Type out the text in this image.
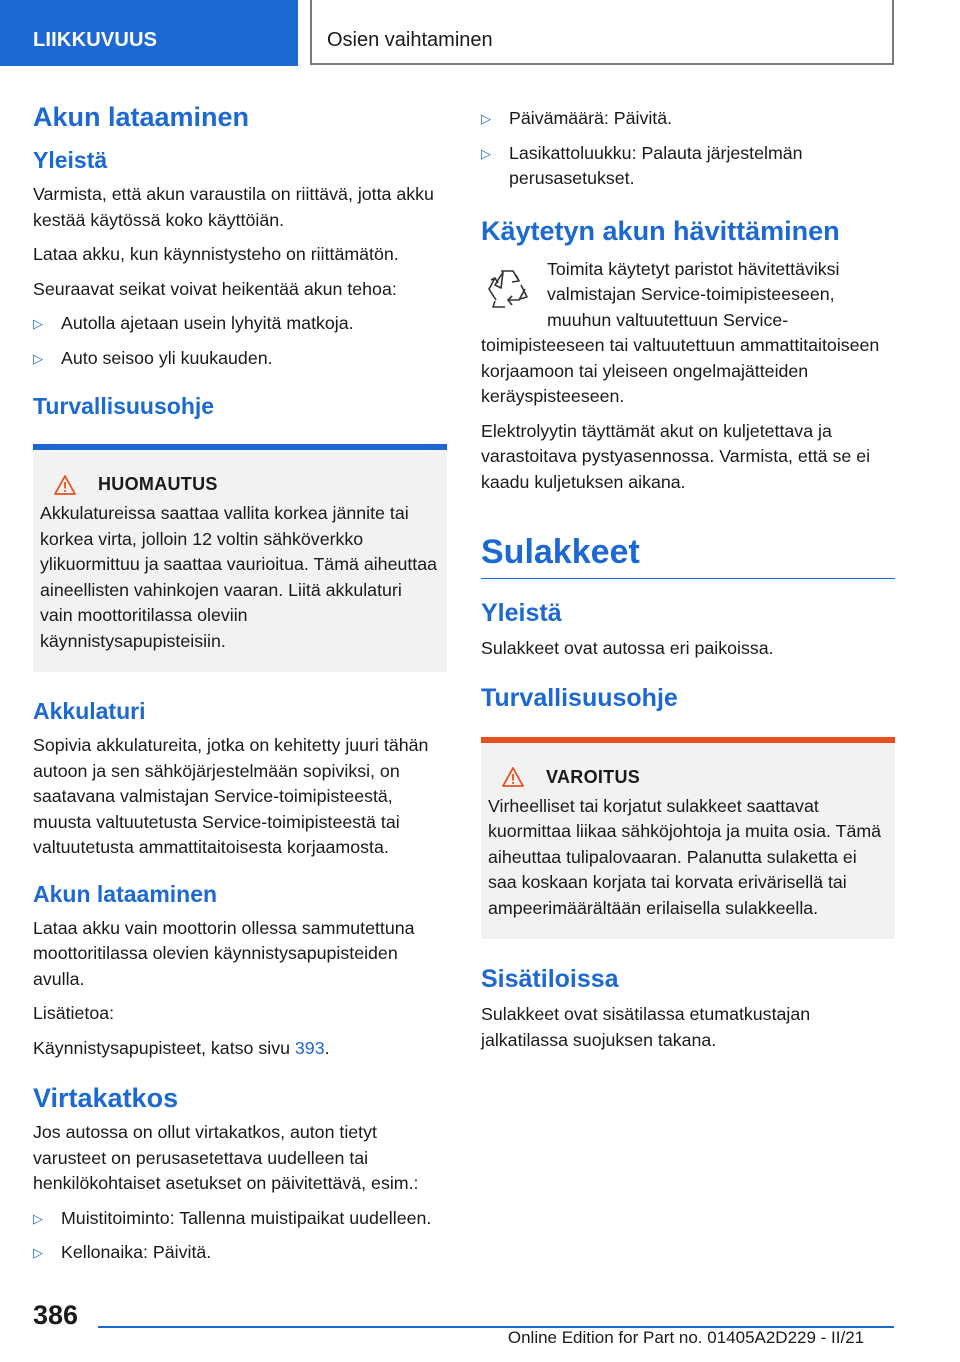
LIIKKUVUUS	Osien vaihtaminen
Akun lataaminen
Yleistä

Varmista, että akun varaustila on riittävä, jotta akku kestää käytössä koko käyttöiän.

Lataa akku, kun käynnistysteho on riittämätön.

Seuraavat seikat voivat heikentää akun tehoa:

▷ Autolla ajetaan usein lyhyitä matkoja.
▷ Auto seisoo yli kuukauden.
Turvallisuusohje
HUOMAUTUS

Akkulatureissa saattaa vallita korkea jännite tai korkea virta, jolloin 12 voltin sähköverkko ylikuormittuu ja saattaa vaurioitua. Tämä aiheuttaa aineellisten vahinkojen vaaran. Liitä akkulaturi vain moottoritilassa oleviin käynnistysapupisteisiin.

Akkulaturi

Sopivia akkulatureita, jotka on kehitetty juuri tähän autoon ja sen sähköjärjestelmään sopiviksi, on saatavana valmistajan Service-toimipisteestä, muusta valtuutetusta Service-toimipisteestä tai valtuutetusta ammattitaitoisesta korjaamosta.

Akun lataaminen

Lataa akku vain moottorin ollessa sammutettuna moottoritilassa olevien käynnistysapupisteiden avulla.

Lisätietoa:

Käynnistysapupisteet, katso sivu 393.

Virtakatkos

Jos autossa on ollut virtakatkos, auton tietyt varusteet on perusasetettava uudelleen tai henkilökohtaiset asetukset on päivitettävä, esim.:

▷ Muistitoiminto: Tallenna muistipaikat uudelleen.
▷ Kellonaika: Päivitä.
▷ Päivämäärä: Päivitä.
▷ Lasikattoluukku: Palauta järjestelmän perusasetukset.
Käytetyn akun hävittäminen

Toimita käytetyt paristot hävitettäviksi valmistajan Service-toimipisteeseen, muuhun valtuutettuun Service-toimipisteeseen tai valtuutettuun ammattitaitoiseen korjaamoon tai yleiseen ongelmajätteiden keräyspisteeseen.

Elektrolyytin täyttämät akut on kuljetettava ja varastoitava pystyasennossa. Varmista, että se ei kaadu kuljetuksen aikana.

Sulakkeet
Yleistä

Sulakkeet ovat autossa eri paikoissa.

Turvallisuusohje
VAROITUS

Virheelliset tai korjatut sulakkeet saattavat kuormittaa liikaa sähköjohtoja ja muita osia. Tämä aiheuttaa tulipalovaaran. Palanutta sulaketta ei saa koskaan korjata tai korvata erivärisellä tai ampeerimäärältään erilaisella sulakkeella.

Sisätiloissa

Sulakkeet ovat sisätilassa etumatkustajan jalkatilassa suojuksen takana.

386
Online Edition for Part no. 01405A2D229 - II/21
